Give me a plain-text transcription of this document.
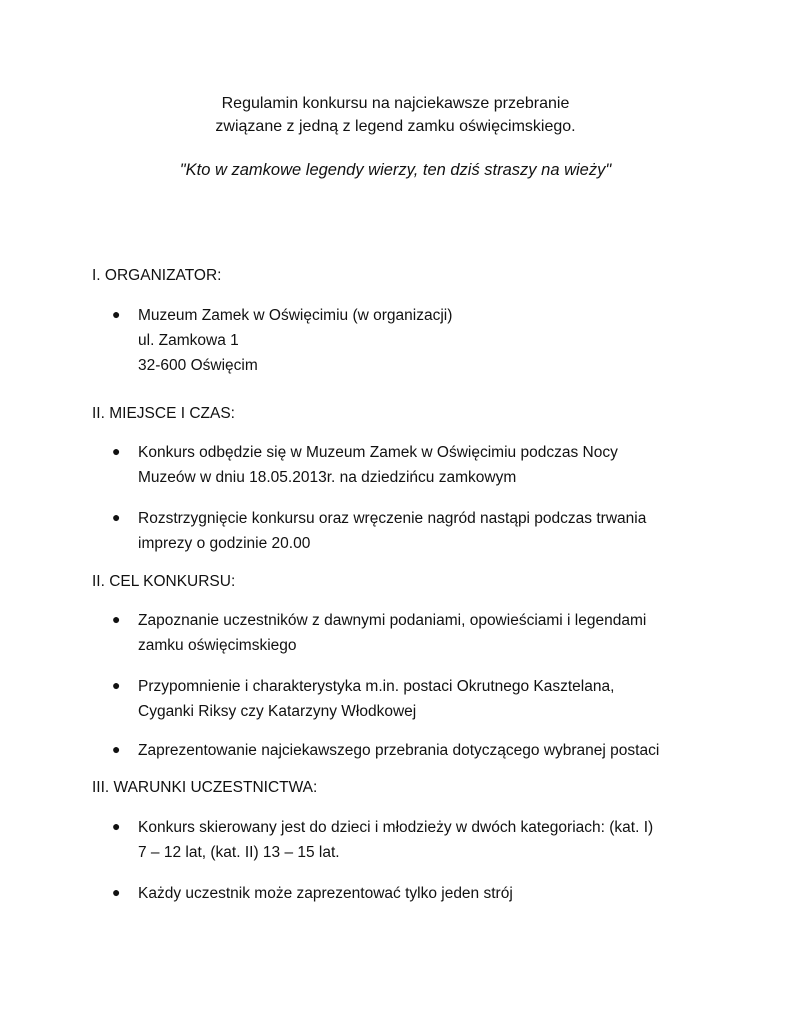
Regulamin konkursu na najciekawsze przebranie
związane z jedną z legend zamku oświęcimskiego.
"Kto w zamkowe legendy wierzy, ten dziś straszy na wieży"
I. ORGANIZATOR:
● Muzeum Zamek w Oświęcimiu (w organizacji)
ul. Zamkowa 1
32-600 Oświęcim
II. MIEJSCE I CZAS:
● Konkurs odbędzie się w Muzeum Zamek w Oświęcimiu podczas Nocy
Muzeów w dniu 18.05.2013r. na dziedzińcu zamkowym
● Rozstrzygnięcie konkursu oraz wręczenie nagród nastąpi podczas trwania
imprezy o godzinie 20.00
II. CEL KONKURSU:
● Zapoznanie uczestników z dawnymi podaniami, opowieściami i legendami
zamku oświęcimskiego
● Przypomnienie i charakterystyka m.in. postaci Okrutnego Kasztelana,
Cyganki Riksy czy Katarzyny Włodkowej
● Zaprezentowanie najciekawszego przebrania dotyczącego wybranej postaci
III. WARUNKI UCZESTNICTWA:
● Konkurs skierowany jest do dzieci i młodzieży w dwóch kategoriach: (kat. I)
7 – 12 lat, (kat. II) 13 – 15 lat.
● Każdy uczestnik może zaprezentować tylko jeden strój
